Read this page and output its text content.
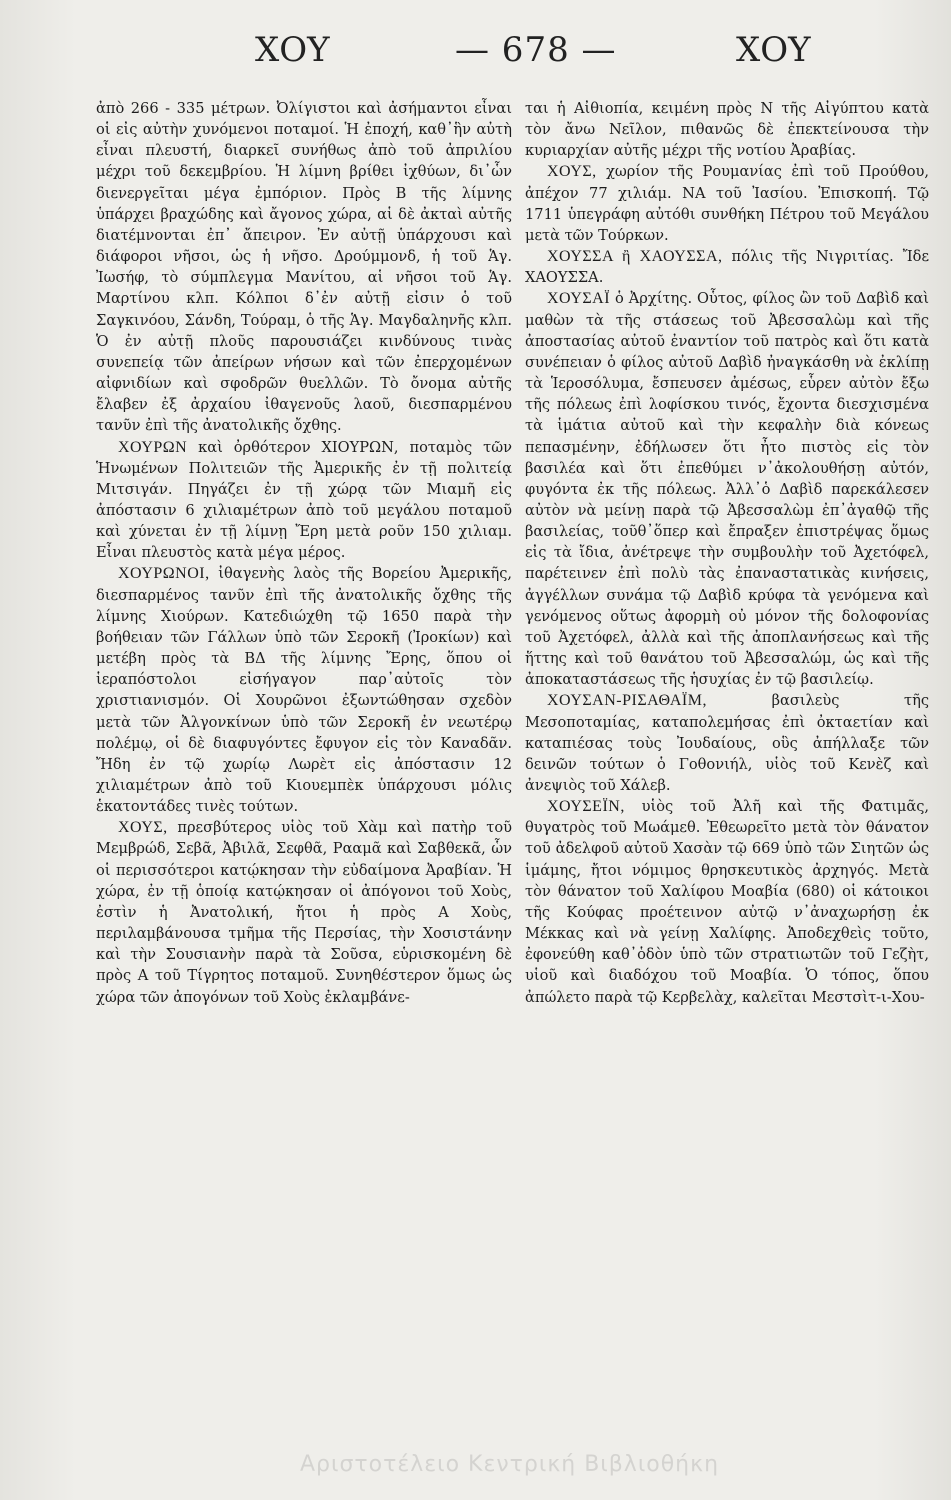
ΧΟΥ	— 678 —	ΧΟΥ

ἀπὸ 266 - 335 μέτρων. Ὀλίγιστοι καὶ ἀσήμαντοι εἶναι οἱ εἰς αὐτὴν χυνόμενοι ποταμοί. Ἡ ἐποχή, καθ᾽ἣν αὐτὴ εἶναι πλευστή, διαρκεῖ συνήθως ἀπὸ τοῦ ἀπριλίου μέχρι τοῦ δεκεμβρίου. Ἡ λίμνη βρίθει ἰχθύων, δι᾽ὧν διενεργεῖται μέγα ἐμπόριον. Πρὸς Β τῆς λίμνης ὑπάρχει βραχώδης καὶ ἄγονος χώρα, αἱ δὲ ἀκταὶ αὐτῆς διατέμνονται ἐπ᾽ ἄπειρον. Ἐν αὐτῇ ὑπάρχουσι καὶ διάφοροι νῆσοι, ὡς ἡ νῆσο. Δρούμμονδ, ἡ τοῦ Ἁγ. Ἰωσήφ, τὸ σύμπλεγμα Μανίτου, αἱ νῆσοι τοῦ Ἁγ. Μαρτίνου κλπ. Κόλποι δ᾽ἐν αὐτῇ εἰσιν ὁ τοῦ Σαγκινόου, Σάνδη, Τούραμ, ὁ τῆς Ἁγ. Μαγδαληνῆς κλπ. Ὁ ἐν αὐτῇ πλοῦς παρουσιάζει κινδύνους τινὰς συνεπείᾳ τῶν ἀπείρων νήσων καὶ τῶν ἐπερχομένων αἰφνιδίων καὶ σφοδρῶν θυελλῶν. Τὸ ὄνομα αὐτῆς ἔλαβεν ἐξ ἀρχαίου ἰθαγενοῦς λαοῦ, διεσπαρμένου τανῦν ἐπὶ τῆς ἀνατολικῆς ὄχθης.

ΧΟΥΡΩΝ καὶ ὀρθότερον ΧΙΟΥΡΩΝ, ποταμὸς τῶν Ἡνωμένων Πολιτειῶν τῆς Ἀμερικῆς ἐν τῇ πολιτείᾳ Μιτσιγάν. Πηγάζει ἐν τῇ χώρᾳ τῶν Μιαμῆ εἰς ἀπόστασιν 6 χιλιαμέτρων ἀπὸ τοῦ μεγάλου ποταμοῦ καὶ χύνεται ἐν τῇ λίμνῃ Ἔρη μετὰ ροῦν 150 χιλιαμ. Εἶναι πλευστὸς κατὰ μέγα μέρος.

ΧΟΥΡΩΝΟΙ, ἰθαγενὴς λαὸς τῆς Βορείου Ἀμερικῆς, διεσπαρμένος τανῦν ἐπὶ τῆς ἀνατολικῆς ὄχθης τῆς λίμνης Χιούρων. Κατεδιώχθη τῷ 1650 παρὰ τὴν βοήθειαν τῶν Γάλλων ὑπὸ τῶν Σεροκῆ (Ἰροκίων) καὶ μετέβη πρὸς τὰ ΒΔ τῆς λίμνης Ἔρης, ὅπου οἱ ἱεραπόστολοι εἰσήγαγον παρ᾽αὐτοῖς τὸν χριστιανισμόν. Οἱ Χουρῶνοι ἐξωντώθησαν σχεδὸν μετὰ τῶν Ἀλγονκίνων ὑπὸ τῶν Σεροκῆ ἐν νεωτέρῳ πολέμῳ, οἱ δὲ διαφυγόντες ἔφυγον εἰς τὸν Καναδᾶν. Ἤδη ἐν τῷ χωρίῳ Λωρὲτ εἰς ἀπόστασιν 12 χιλιαμέτρων ἀπὸ τοῦ Κιουεμπὲκ ὑπάρχουσι μόλις ἑκατοντάδες τινὲς τούτων.

ΧΟΥΣ, πρεσβύτερος υἱὸς τοῦ Χὰμ καὶ πατὴρ τοῦ Μεμβρώδ, Σεβᾶ, Ἀβιλᾶ, Σεφθᾶ, Ρααμᾶ καὶ Σαβθεκᾶ, ὧν οἱ περισσότεροι κατῴκησαν τὴν εὐδαίμονα Ἀραβίαν. Ἡ χώρα, ἐν τῇ ὁποίᾳ κατῴκησαν οἱ ἀπόγονοι τοῦ Χοὺς, ἐστὶν ἡ Ἀνατολική, ἤτοι ἡ πρὸς Α Χοὺς, περιλαμβάνουσα τμῆμα τῆς Περσίας, τὴν Χοσιστάνην καὶ τὴν Σουσιανὴν παρὰ τὰ Σοῦσα, εὑρισκομένη δὲ πρὸς Α τοῦ Τίγρητος ποταμοῦ. Συνηθέστερον ὅμως ὡς χώρα τῶν ἀπογόνων τοῦ Χοὺς ἐκλαμβάνε-

ται ἡ Αἰθιοπία, κειμένη πρὸς Ν τῆς Αἰγύπτου κατὰ τὸν ἄνω Νεῖλον, πιθανῶς δὲ ἐπεκτείνουσα τὴν κυριαρχίαν αὐτῆς μέχρι τῆς νοτίου Ἀραβίας.

ΧΟΥΣ, χωρίον τῆς Ρουμανίας ἐπὶ τοῦ Προύθου, ἀπέχον 77 χιλιάμ. ΝΑ τοῦ Ἰασίου. Ἐπισκοπή. Τῷ 1711 ὑπεγράφη αὐτόθι συνθήκη Πέτρου τοῦ Μεγάλου μετὰ τῶν Τούρκων.

ΧΟΥΣΣΑ ἢ ΧΑΟΥΣΣΑ, πόλις τῆς Νιγριτίας. Ἴδε ΧΑΟΥΣΣΑ.

ΧΟΥΣΑΪ ὁ Ἀρχίτης. Οὗτος, φίλος ὢν τοῦ Δαβὶδ καὶ μαθὼν τὰ τῆς στάσεως τοῦ Ἀβεσσαλὼμ καὶ τῆς ἀποστασίας αὐτοῦ ἐναντίον τοῦ πατρὸς καὶ ὅτι κατὰ συνέπειαν ὁ φίλος αὐτοῦ Δαβὶδ ἠναγκάσθη νὰ ἐκλίπῃ τὰ Ἱεροσόλυμα, ἔσπευσεν ἀμέσως, εὗρεν αὐτὸν ἔξω τῆς πόλεως ἐπὶ λοφίσκου τινός, ἔχοντα διεσχισμένα τὰ ἱμάτια αὐτοῦ καὶ τὴν κεφαλὴν διὰ κόνεως πεπασμένην, ἐδήλωσεν ὅτι ἦτο πιστὸς εἰς τὸν βασιλέα καὶ ὅτι ἐπεθύμει ν᾽ἀκολουθήσῃ αὐτόν, φυγόντα ἐκ τῆς πόλεως. Ἀλλ᾽ὁ Δαβὶδ παρεκάλεσεν αὐτὸν νὰ μείνῃ παρὰ τῷ Ἀβεσσαλὼμ ἐπ᾽ἀγαθῷ τῆς βασιλείας, τοῦθ᾽ὅπερ καὶ ἔπραξεν ἐπιστρέψας ὅμως εἰς τὰ ἴδια, ἀνέτρεψε τὴν συμβουλὴν τοῦ Ἀχετόφελ, παρέτεινεν ἐπὶ πολὺ τὰς ἐπαναστατικὰς κινήσεις, ἀγγέλλων συνάμα τῷ Δαβὶδ κρύφα τὰ γενόμενα καὶ γενόμενος οὕτως ἀφορμὴ οὐ μόνον τῆς δολοφονίας τοῦ Ἀχετόφελ, ἀλλὰ καὶ τῆς ἀποπλανήσεως καὶ τῆς ἥττης καὶ τοῦ θανάτου τοῦ Ἀβεσσαλώμ, ὡς καὶ τῆς ἀποκαταστάσεως τῆς ἡσυχίας ἐν τῷ βασιλείῳ.

ΧΟΥΣΑΝ-ΡΙΣΑΘΑΪΜ,	βασιλεὺς τῆς Μεσοποταμίας, καταπολεμήσας ἐπὶ ὀκταετίαν καὶ καταπιέσας τοὺς Ἰουδαίους, οὓς ἀπήλλαξε τῶν δεινῶν τούτων ὁ Γοθονιήλ, υἱὸς τοῦ Κενὲζ καὶ ἀνεψιὸς τοῦ Χάλεβ.

ΧΟΥΣΕΪΝ, υἱὸς τοῦ Ἀλῆ καὶ τῆς Φατιμᾶς, θυγατρὸς τοῦ Μωάμεθ. Ἐθεωρεῖτο μετὰ τὸν θάνατον τοῦ ἀδελφοῦ αὐτοῦ Χασὰν τῷ 669 ὑπὸ τῶν Σιητῶν ὡς ἱμάμης, ἤτοι νόμιμος θρησκευτικὸς ἀρχηγός. Μετὰ τὸν θάνατον τοῦ Χαλίφου Μοαβία (680) οἱ κάτοικοι τῆς Κούφας προέτεινον αὐτῷ ν᾽ἀναχωρήσῃ ἐκ Μέκκας καὶ νὰ γείνῃ Χαλίφης. Ἀποδεχθεὶς τοῦτο, ἐφονεύθη καθ᾽ὁδὸν ὑπὸ τῶν στρατιωτῶν τοῦ Γεζὴτ, υἱοῦ καὶ διαδόχου τοῦ Μοαβία. Ὁ τόπος, ὅπου ἀπώλετο παρὰ τῷ Κερβελὰχ, καλεῖται Μεστσὶτ-ι-Χου-

Αριστοτέλειο Κεντρική Βιβλιοθήκη
